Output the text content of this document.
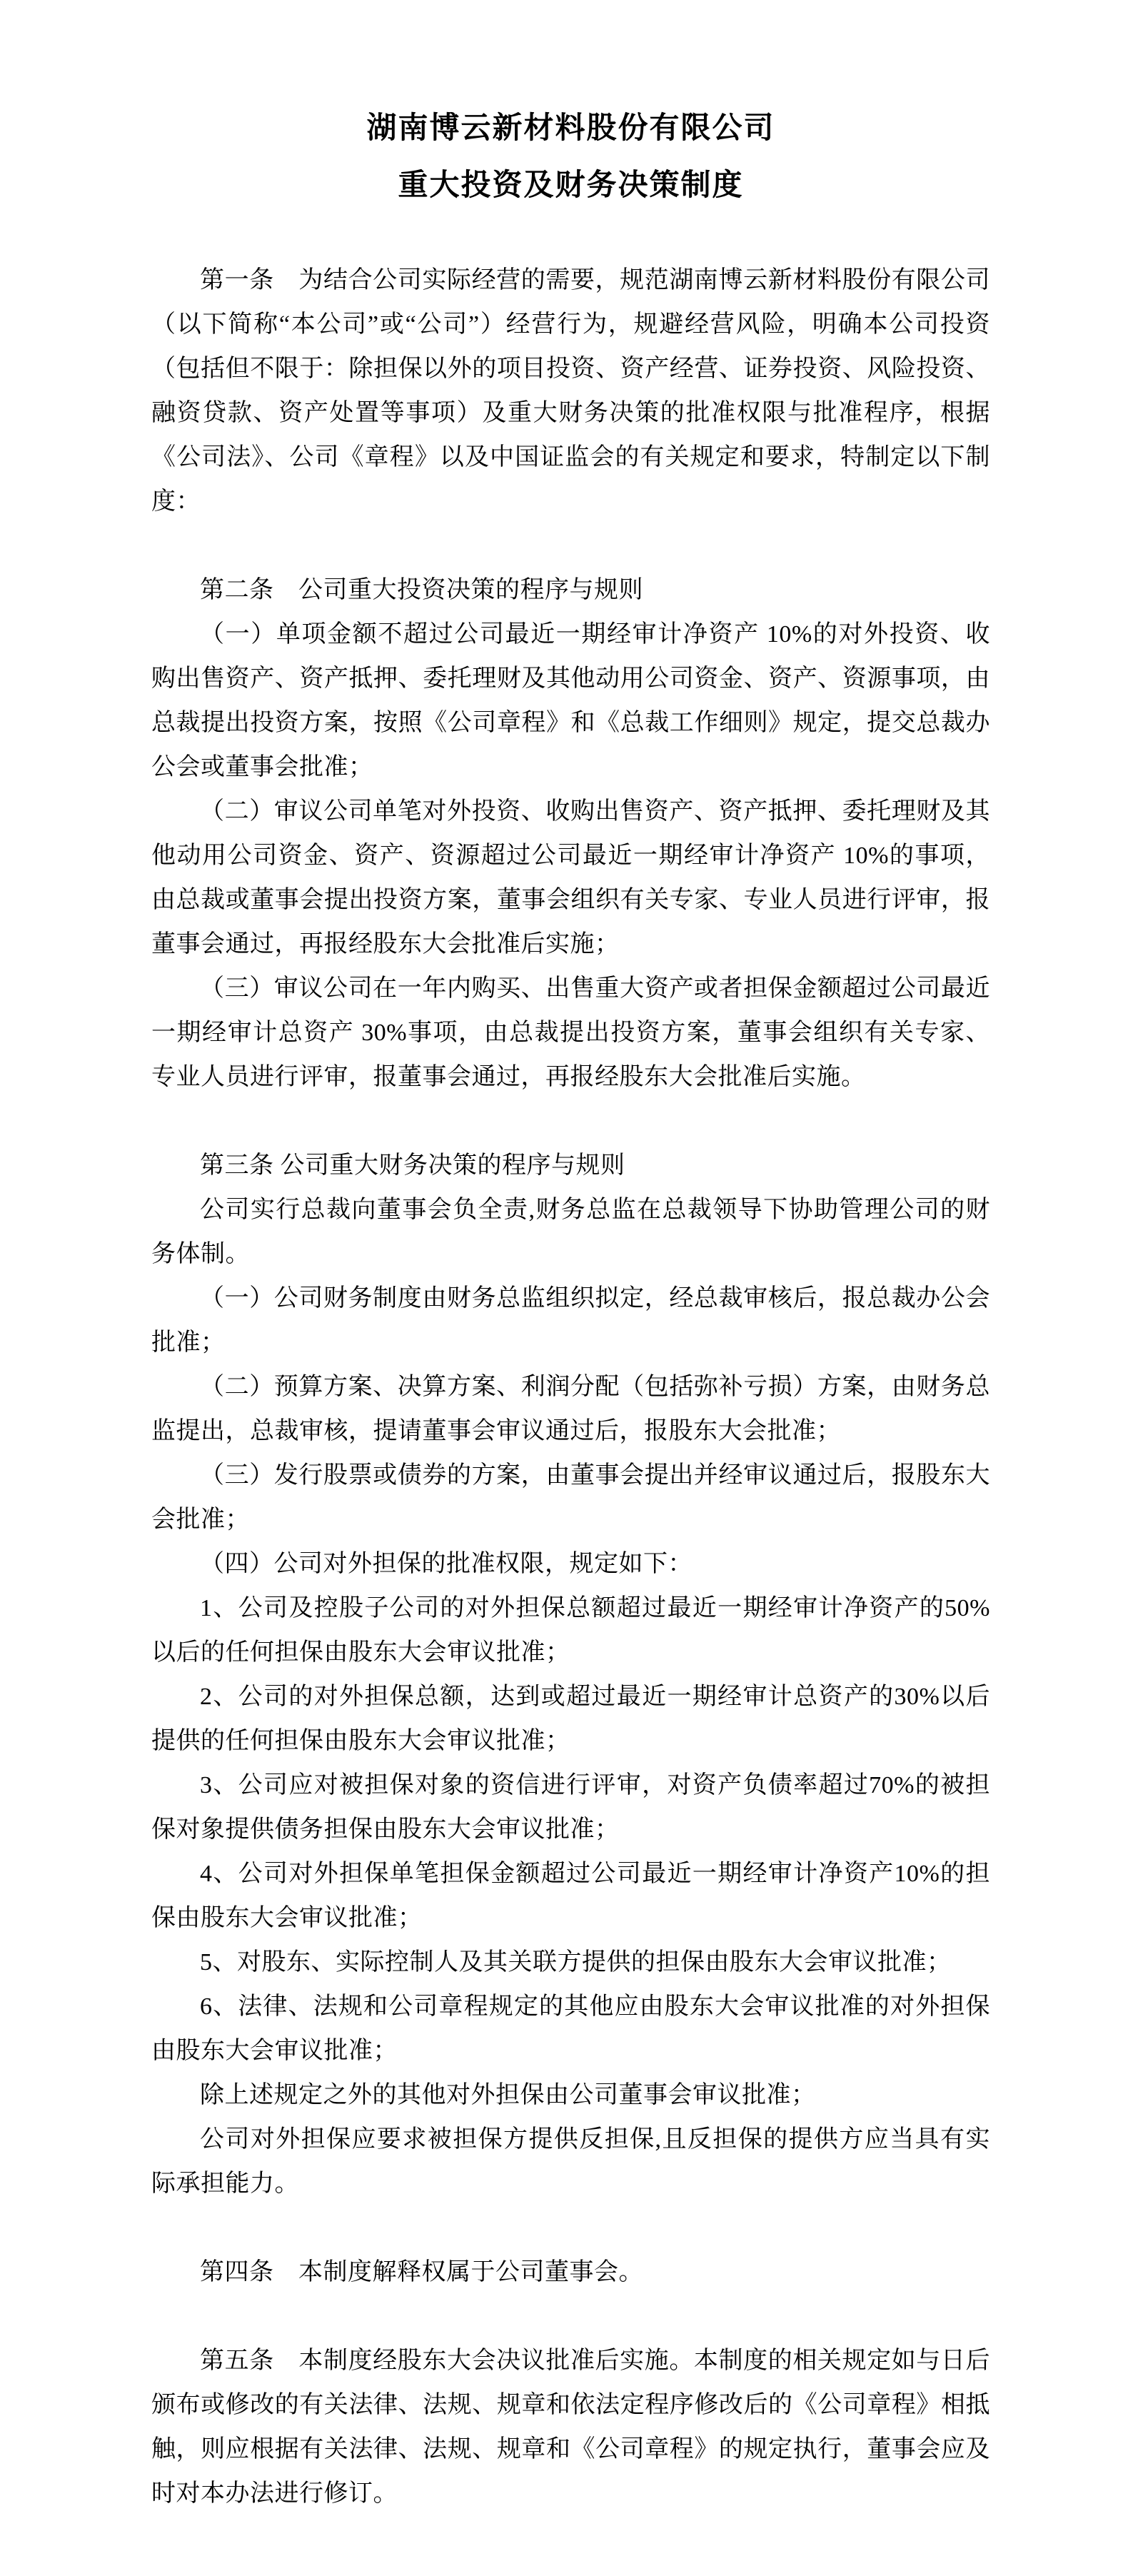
湖南博云新材料股份有限公司
重大投资及财务决策制度

第一条　为结合公司实际经营的需要，规范湖南博云新材料股份有限公司（以下简称“本公司”或“公司”）经营行为，规避经营风险，明确本公司投资（包括但不限于：除担保以外的项目投资、资产经营、证券投资、风险投资、融资贷款、资产处置等事项）及重大财务决策的批准权限与批准程序，根据《公司法》、公司《章程》以及中国证监会的有关规定和要求，特制定以下制度：

第二条　公司重大投资决策的程序与规则

（一）单项金额不超过公司最近一期经审计净资产 10%的对外投资、收购出售资产、资产抵押、委托理财及其他动用公司资金、资产、资源事项，由总裁提出投资方案，按照《公司章程》和《总裁工作细则》规定，提交总裁办公会或董事会批准；

（二）审议公司单笔对外投资、收购出售资产、资产抵押、委托理财及其他动用公司资金、资产、资源超过公司最近一期经审计净资产 10%的事项，由总裁或董事会提出投资方案，董事会组织有关专家、专业人员进行评审，报董事会通过，再报经股东大会批准后实施；

（三）审议公司在一年内购买、出售重大资产或者担保金额超过公司最近一期经审计总资产 30%事项，由总裁提出投资方案，董事会组织有关专家、专业人员进行评审，报董事会通过，再报经股东大会批准后实施。

第三条 公司重大财务决策的程序与规则

公司实行总裁向董事会负全责,财务总监在总裁领导下协助管理公司的财务体制。

（一）公司财务制度由财务总监组织拟定，经总裁审核后，报总裁办公会批准；

（二）预算方案、决算方案、利润分配（包括弥补亏损）方案，由财务总监提出，总裁审核，提请董事会审议通过后，报股东大会批准；

（三）发行股票或债券的方案，由董事会提出并经审议通过后，报股东大会批准；

（四）公司对外担保的批准权限，规定如下：

1、公司及控股子公司的对外担保总额超过最近一期经审计净资产的50%以后的任何担保由股东大会审议批准；

2、公司的对外担保总额，达到或超过最近一期经审计总资产的30%以后提供的任何担保由股东大会审议批准；

3、公司应对被担保对象的资信进行评审，对资产负债率超过70%的被担保对象提供债务担保由股东大会审议批准；

4、公司对外担保单笔担保金额超过公司最近一期经审计净资产10%的担保由股东大会审议批准；

5、对股东、实际控制人及其关联方提供的担保由股东大会审议批准；

6、法律、法规和公司章程规定的其他应由股东大会审议批准的对外担保由股东大会审议批准；

除上述规定之外的其他对外担保由公司董事会审议批准；

公司对外担保应要求被担保方提供反担保,且反担保的提供方应当具有实际承担能力。

第四条　本制度解释权属于公司董事会。

第五条　本制度经股东大会决议批准后实施。本制度的相关规定如与日后颁布或修改的有关法律、法规、规章和依法定程序修改后的《公司章程》相抵触，则应根据有关法律、法规、规章和《公司章程》的规定执行，董事会应及时对本办法进行修订。
